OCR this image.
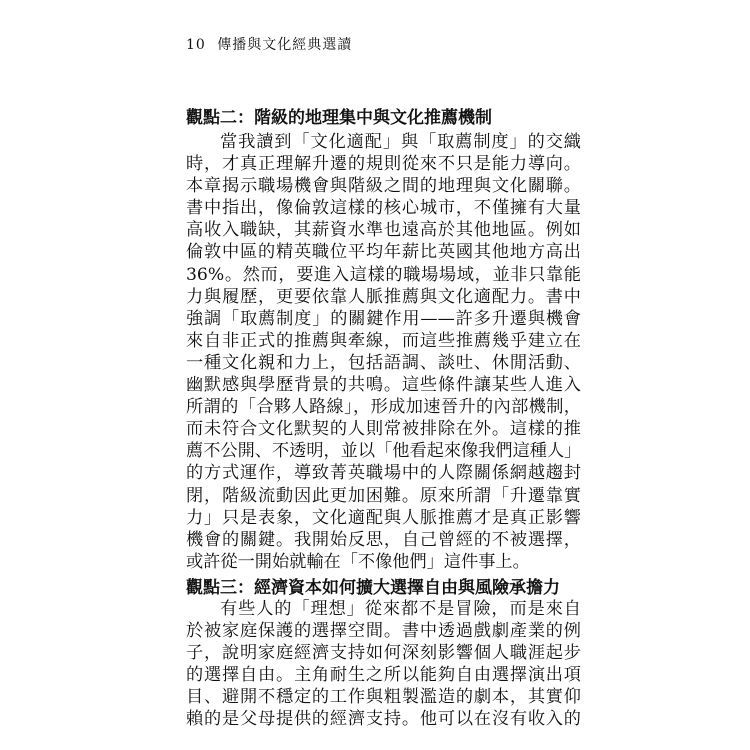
10 傳播與文化經典選讀
觀點二：階級的地理集中與文化推薦機制
當我讀到「文化適配」與「取薦制度」的交織
時，才真正理解升遷的規則從來不只是能力導向。
本章揭示職場機會與階級之間的地理與文化關聯。
書中指出，像倫敦這樣的核心城市，不僅擁有大量
高收入職缺，其薪資水準也遠高於其他地區。例如
倫敦中區的精英職位平均年薪比英國其他地方高出
36%。然而，要進入這樣的職場場域，並非只靠能
力與履歷，更要依靠人脈推薦與文化適配力。書中
強調「取薦制度」的關鍵作用——許多升遷與機會
來自非正式的推薦與牽線，而這些推薦幾乎建立在
一種文化親和力上，包括語調、談吐、休閒活動、
幽默感與學歷背景的共鳴。這些條件讓某些人進入
所謂的「合夥人路線」，形成加速晉升的內部機制，
而未符合文化默契的人則常被排除在外。這樣的推
薦不公開、不透明，並以「他看起來像我們這種人」
的方式運作，導致菁英職場中的人際關係網越趨封
閉，階級流動因此更加困難。原來所謂「升遷靠實
力」只是表象，文化適配與人脈推薦才是真正影響
機會的關鍵。我開始反思，自己曾經的不被選擇，
或許從一開始就輸在「不像他們」這件事上。
觀點三：經濟資本如何擴大選擇自由與風險承擔力
有些人的「理想」從來都不是冒險，而是來自
於被家庭保護的選擇空間。書中透過戲劇產業的例
子，說明家庭經濟支持如何深刻影響個人職涯起步
的選擇自由。主角耐生之所以能夠自由選擇演出項
目、避開不穩定的工作與粗製濫造的劇本，其實仰
賴的是父母提供的經濟支持。他可以在沒有收入的
